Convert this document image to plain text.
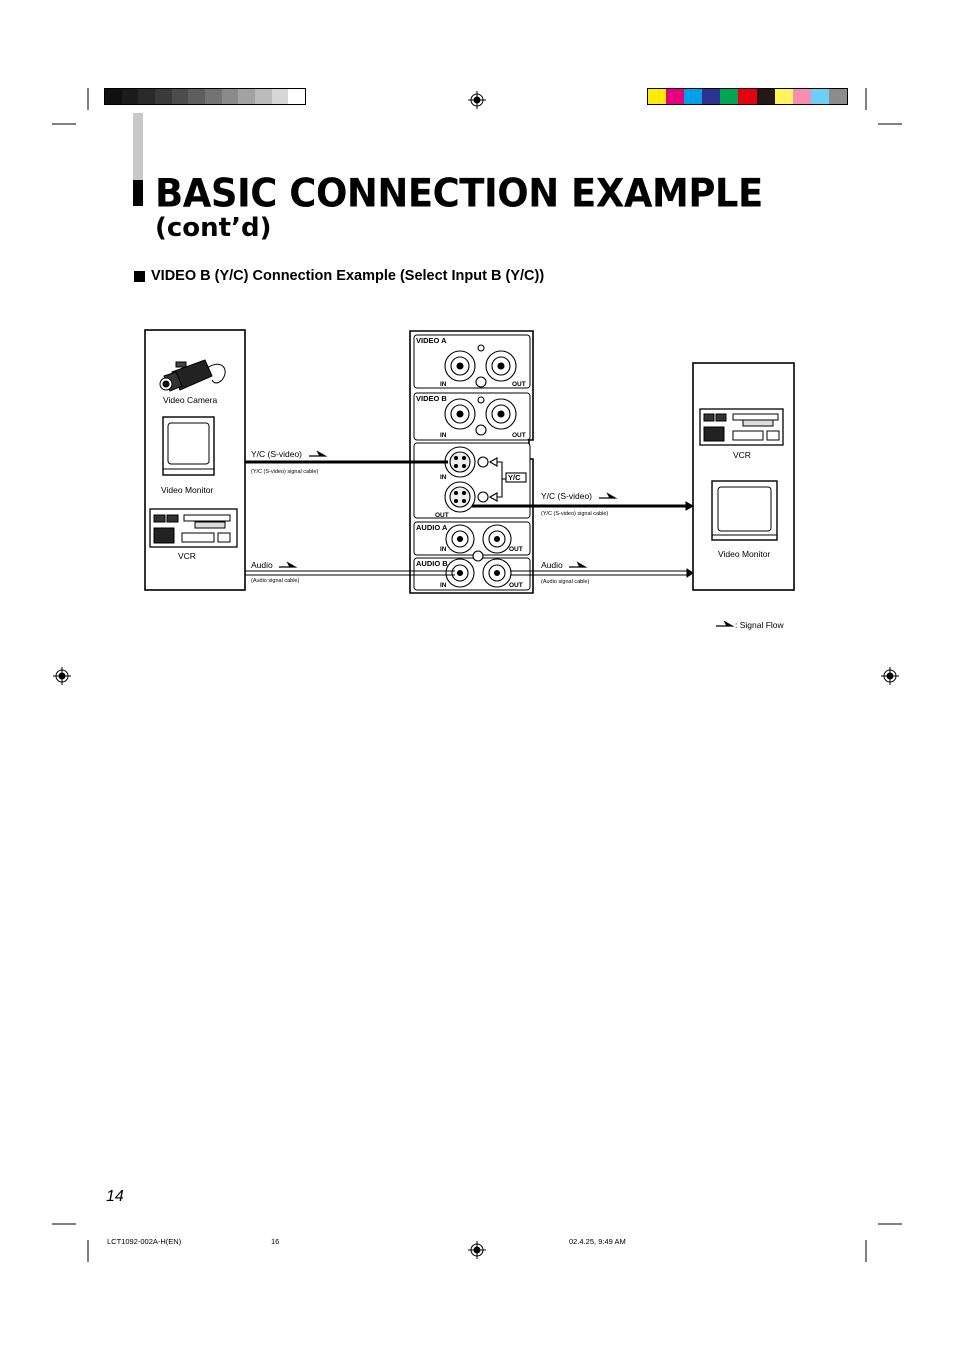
BASIC CONNECTION EXAMPLE
(cont’d)
VIDEO B (Y/C) Connection Example (Select Input B (Y/C))
Video Camera
Video Monitor
VCR
VCR
Video Monitor
VIDEO A
VIDEO B
AUDIO A
AUDIO B
Y/C
IN	OUT
IN	OUT
IN
OUT
IN	OUT
IN	OUT
Y/C (S-video)
(Y/C (S-video) signal cable)
Y/C (S-video)
(Y/C (S-video) signal cable)
Audio
(Audio signal cable)
Audio
(Audio signal cable)
: Signal Flow
14
LCT1092-002A-H(EN)	16	02.4.25, 9:49 AM
